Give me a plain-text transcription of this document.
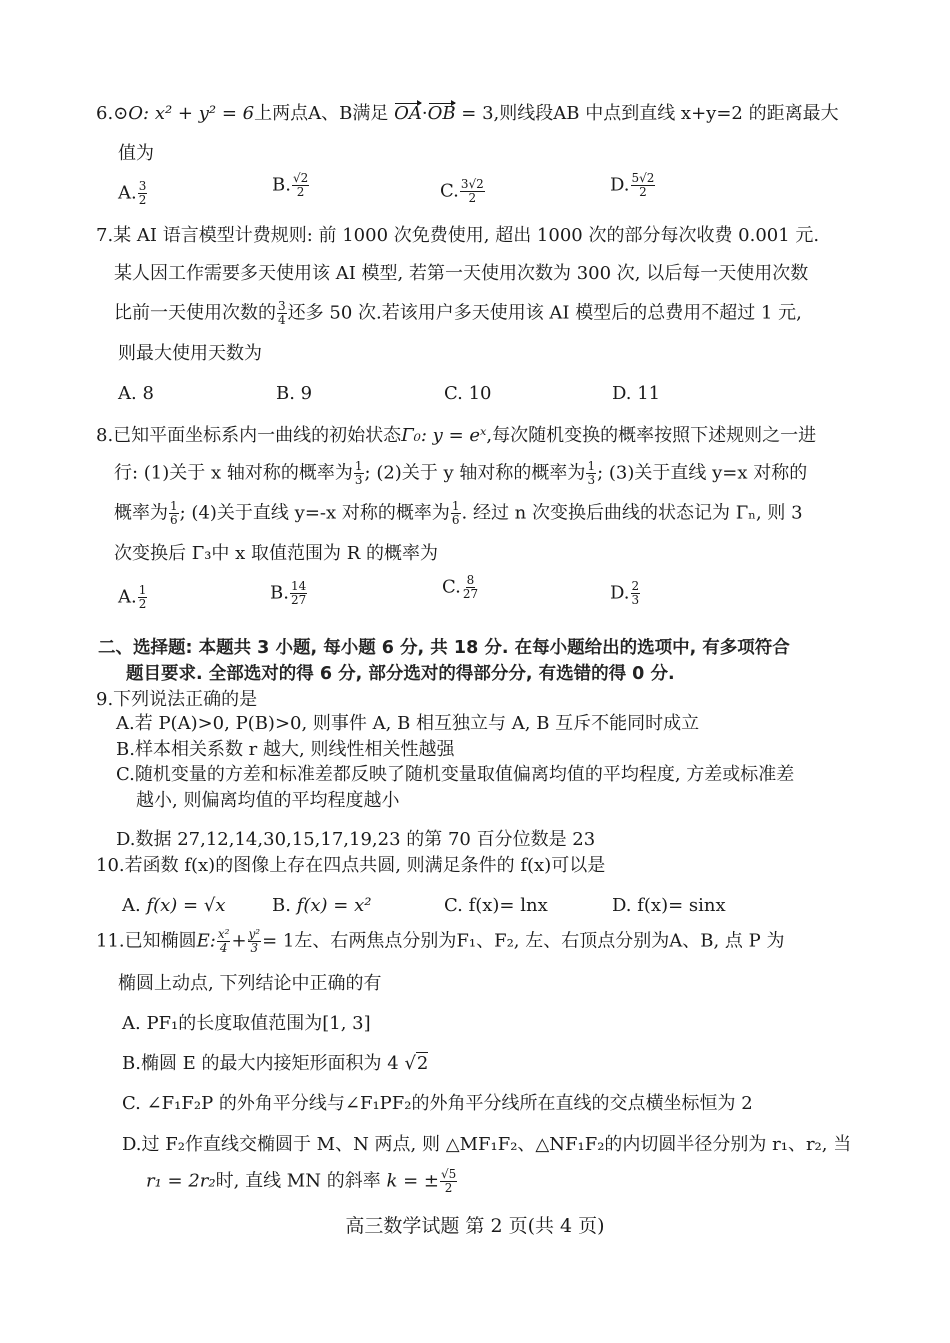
6.⊙O: x² + y² = 6上两点A、B满足 OA·OB = 3,则线段AB 中点到直线 x+y=2 的距离最大
值为
A. $\frac{3}{2}$	B. $\frac{√2}{2}$	C. $\frac{3√2}{2}$	D. $\frac{5√2}{2}$
7.某 AI 语言模型计费规则: 前 1000 次免费使用, 超出 1000 次的部分每次收费 0.001 元.
某人因工作需要多天使用该 AI 模型, 若第一天使用次数为 300 次, 以后每一天使用次数
比前一天使用次数的 $\frac{3}{4}$ 还多 50 次.若该用户多天使用该 AI 模型后的总费用不超过 1 元,
则最大使用天数为
A. 8	B. 9	C. 10	D. 11
8.已知平面坐标系内一曲线的初始状态Γ₀: y = eˣ,每次随机变换的概率按照下述规则之一进
行: (1)关于 x 轴对称的概率为 $\frac{1}{3}$ ; (2)关于 y 轴对称的概率为 $\frac{1}{3}$ ; (3)关于直线 y=x 对称的
概率为 $\frac{1}{6}$ ; (4)关于直线 y=-x 对称的概率为 $\frac{1}{6}$ . 经过 n 次变换后曲线的状态记为 Γₙ, 则 3
次变换后 Γ₃中 x 取值范围为 R 的概率为
A. $\frac{1}{2}$	B. $\frac{14}{27}$	C. $\frac{8}{27}$	D. $\frac{2}{3}$
二、选择题: 本题共 3 小题, 每小题 6 分, 共 18 分. 在每小题给出的选项中, 有多项符合
题目要求. 全部选对的得 6 分, 部分选对的得部分分, 有选错的得 0 分.
9.下列说法正确的是
A.若 P(A)>0, P(B)>0, 则事件 A, B 相互独立与 A, B 互斥不能同时成立
B.样本相关系数 r 越大, 则线性相关性越强
C.随机变量的方差和标准差都反映了随机变量取值偏离均值的平均程度, 方差或标准差
越小, 则偏离均值的平均程度越小
D.数据 27,12,14,30,15,17,19,23 的第 70 百分位数是 23
10.若函数 f(x)的图像上存在四点共圆, 则满足条件的 f(x)可以是
A. f(x) = √x	B. f(x) = x²	C. f(x)= lnx	D. f(x)= sinx
11.已知椭圆E: $\frac{\text{x²}}{4} + \frac{\text{y²}}{3} = 1$左、右两焦点分别为F₁、F₂, 左、右顶点分别为A、B, 点 P 为
椭圆上动点, 下列结论中正确的有
A. PF₁的长度取值范围为[1, 3]
B.椭圆 E 的最大内接矩形面积为 4 √2
C. ∠F₁F₂P 的外角平分线与∠F₁PF₂的外角平分线所在直线的交点横坐标恒为 2
D.过 F₂作直线交椭圆于 M、N 两点, 则 △MF₁F₂、△NF₁F₂的内切圆半径分别为 r₁、r₂, 当
r₁ = 2r₂时, 直线 MN 的斜率 k = ± $\frac{√5}{2}$
高三数学试题 第 2 页(共 4 页)
